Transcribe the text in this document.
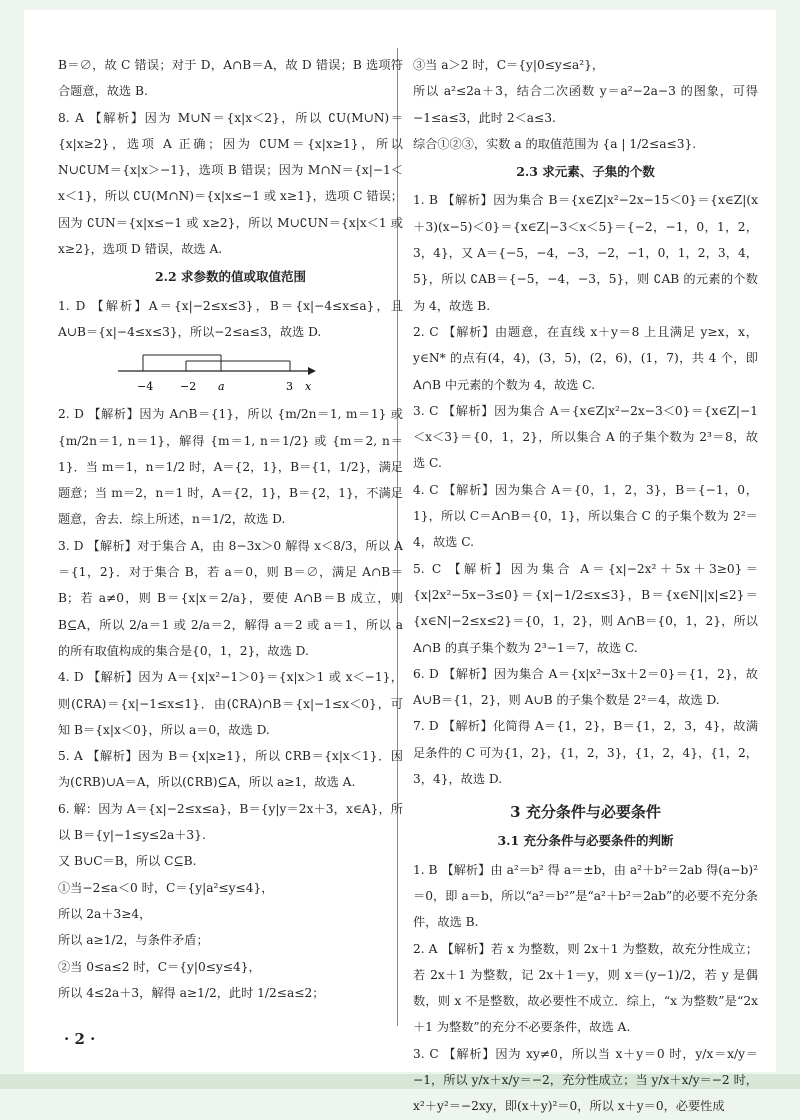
B＝∅，故 C 错误；对于 D，A∩B＝A，故 D 错误；B 选项符合题意，故选 B.

8. A 【解析】因为 M∪N＝{x|x＜2}，所以 ∁U(M∪N)＝{x|x≥2}，选项 A 正确；因为 ∁UM＝{x|x≥1}，所以 N∪∁UM＝{x|x＞−1}，选项 B 错误；因为 M∩N＝{x|−1＜x＜1}，所以 ∁U(M∩N)＝{x|x≤−1 或 x≥1}，选项 C 错误；因为 ∁UN＝{x|x≤−1 或 x≥2}，所以 M∪∁UN＝{x|x＜1 或 x≥2}，选项 D 错误，故选 A.

2.2 求参数的值或取值范围

1. D 【解析】A＝{x|−2≤x≤3}，B＝{x|−4≤x≤a}，且 A∪B＝{x|−4≤x≤3}，所以−2≤a≤3，故选 D.

−4 −2 a	3 x

2. D 【解析】因为 A∩B＝{1}，所以 {m/2n＝1, m＝1} 或 {m/2n＝1, n＝1}，解得 {m＝1, n＝1/2} 或 {m＝2, n＝1}．当 m＝1，n＝1/2 时，A＝{2，1}，B＝{1，1/2}，满足题意；当 m＝2，n＝1 时，A＝{2，1}，B＝{2，1}，不满足题意，舍去．综上所述，n＝1/2，故选 D.

3. D 【解析】对于集合 A，由 8−3x＞0 解得 x＜8/3，所以 A＝{1，2}．对于集合 B，若 a＝0，则 B＝∅，满足 A∩B＝B；若 a≠0，则 B＝{x|x＝2/a}，要使 A∩B＝B 成立，则 B⊆A，所以 2/a＝1 或 2/a＝2，解得 a＝2 或 a＝1，所以 a 的所有取值构成的集合是{0，1，2}，故选 D.

4. D 【解析】因为 A＝{x|x²−1＞0}＝{x|x＞1 或 x＜−1}，则(∁RA)＝{x|−1≤x≤1}．由(∁RA)∩B＝{x|−1≤x＜0}，可知 B＝{x|x＜0}，所以 a＝0，故选 D.

5. A 【解析】因为 B＝{x|x≥1}，所以 ∁RB＝{x|x＜1}．因为(∁RB)∪A＝A，所以(∁RB)⊆A，所以 a≥1，故选 A.

6. 解：因为 A＝{x|−2≤x≤a}，B＝{y|y＝2x＋3，x∈A}，所以 B＝{y|−1≤y≤2a＋3}.

又 B∪C＝B，所以 C⊆B.

①当−2≤a＜0 时，C＝{y|a²≤y≤4}，

所以 2a＋3≥4，

所以 a≥1/2，与条件矛盾；

②当 0≤a≤2 时，C＝{y|0≤y≤4}，

所以 4≤2a＋3，解得 a≥1/2，此时 1/2≤a≤2；

③当 a＞2 时，C＝{y|0≤y≤a²}，

所以 a²≤2a＋3，结合二次函数 y＝a²−2a−3 的图象，可得−1≤a≤3，此时 2＜a≤3.

综合①②③，实数 a 的取值范围为 {a | 1/2≤a≤3}.

2.3 求元素、子集的个数

1. B 【解析】因为集合 B＝{x∈Z|x²−2x−15＜0}＝{x∈Z|(x＋3)(x−5)＜0}＝{x∈Z|−3＜x＜5}＝{−2，−1，0，1，2，3，4}，又 A＝{−5，−4，−3，−2，−1，0，1，2，3，4，5}，所以 ∁AB＝{−5，−4，−3，5}，则 ∁AB 的元素的个数为 4，故选 B.

2. C 【解析】由题意，在直线 x＋y＝8 上且满足 y≥x，x，y∈N* 的点有(4，4)，(3，5)，(2，6)，(1，7)，共 4 个，即 A∩B 中元素的个数为 4，故选 C.

3. C 【解析】因为集合 A＝{x∈Z|x²−2x−3＜0}＝{x∈Z|−1＜x＜3}＝{0，1，2}，所以集合 A 的子集个数为 2³＝8，故选 C.

4. C 【解析】因为集合 A＝{0，1，2，3}，B＝{−1，0，1}，所以 C＝A∩B＝{0，1}，所以集合 C 的子集个数为 2²＝4，故选 C.

5. C 【解析】因为集合 A＝{x|−2x²＋5x＋3≥0}＝{x|2x²−5x−3≤0}＝{x|−1/2≤x≤3}，B＝{x∈N||x|≤2}＝{x∈N|−2≤x≤2}＝{0，1，2}，则 A∩B＝{0，1，2}，所以 A∩B 的真子集个数为 2³−1＝7，故选 C.

6. D 【解析】因为集合 A＝{x|x²−3x＋2＝0}＝{1，2}，故 A∪B＝{1，2}，则 A∪B 的子集个数是 2²＝4，故选 D.

7. D 【解析】化简得 A＝{1，2}，B＝{1，2，3，4}，故满足条件的 C 可为{1，2}，{1，2，3}，{1，2，4}，{1，2，3，4}，故选 D.

3 充分条件与必要条件
3.1 充分条件与必要条件的判断

1. B 【解析】由 a²＝b² 得 a＝±b，由 a²＋b²＝2ab 得(a−b)²＝0，即 a＝b，所以“a²＝b²”是“a²＋b²＝2ab”的必要不充分条件，故选 B.

2. A 【解析】若 x 为整数，则 2x＋1 为整数，故充分性成立；若 2x＋1 为整数，记 2x＋1＝y，则 x＝(y−1)/2，若 y 是偶数，则 x 不是整数，故必要性不成立．综上，“x 为整数”是“2x＋1 为整数”的充分不必要条件，故选 A.

3. C 【解析】因为 xy≠0，所以当 x＋y＝0 时，y/x＝x/y＝−1，所以 y/x＋x/y＝−2，充分性成立；当 y/x＋x/y＝−2 时，x²＋y²＝−2xy，即(x＋y)²＝0，所以 x＋y＝0，必要性成

· 2 ·
